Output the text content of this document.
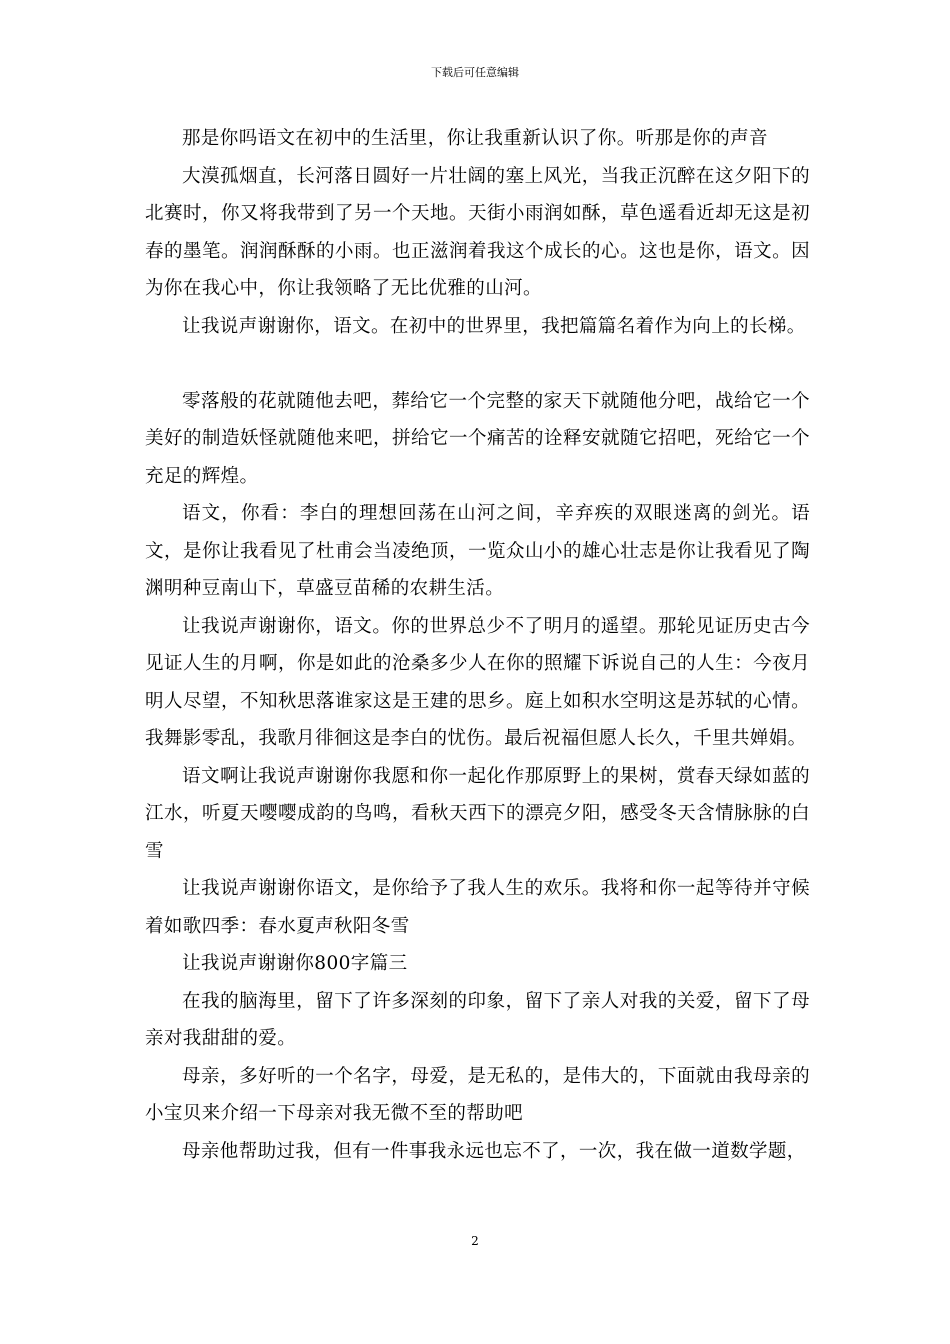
下载后可任意编辑

那是你吗语文在初中的生活里，你让我重新认识了你。听那是你的声音

大漠孤烟直，长河落日圆好一片壮阔的塞上风光，当我正沉醉在这夕阳下的北赛时，你又将我带到了另一个天地。天街小雨润如酥，草色遥看近却无这是初春的墨笔。润润酥酥的小雨。也正滋润着我这个成长的心。这也是你，语文。因为你在我心中，你让我领略了无比优雅的山河。

让我说声谢谢你，语文。在初中的世界里，我把篇篇名着作为向上的长梯。

零落般的花就随他去吧，葬给它一个完整的家天下就随他分吧，战给它一个美好的制造妖怪就随他来吧，拼给它一个痛苦的诠释安就随它招吧，死给它一个充足的辉煌。

语文，你看：李白的理想回荡在山河之间，辛弃疾的双眼迷离的剑光。语文，是你让我看见了杜甫会当凌绝顶，一览众山小的雄心壮志是你让我看见了陶渊明种豆南山下，草盛豆苗稀的农耕生活。

让我说声谢谢你，语文。你的世界总少不了明月的遥望。那轮见证历史古今见证人生的月啊，你是如此的沧桑多少人在你的照耀下诉说自己的人生：今夜月明人尽望，不知秋思落谁家这是王建的思乡。庭上如积水空明这是苏轼的心情。我舞影零乱，我歌月徘徊这是李白的忧伤。最后祝福但愿人长久，千里共婵娟。

语文啊让我说声谢谢你我愿和你一起化作那原野上的果树，赏春天绿如蓝的江水，听夏天嘤嘤成韵的鸟鸣，看秋天西下的漂亮夕阳，感受冬天含情脉脉的白雪

让我说声谢谢你语文，是你给予了我人生的欢乐。我将和你一起等待并守候着如歌四季：春水夏声秋阳冬雪

让我说声谢谢你800字篇三

在我的脑海里，留下了许多深刻的印象，留下了亲人对我的关爱，留下了母亲对我甜甜的爱。

母亲，多好听的一个名字，母爱，是无私的，是伟大的，下面就由我母亲的小宝贝来介绍一下母亲对我无微不至的帮助吧

母亲他帮助过我，但有一件事我永远也忘不了，一次，我在做一道数学题，

2
